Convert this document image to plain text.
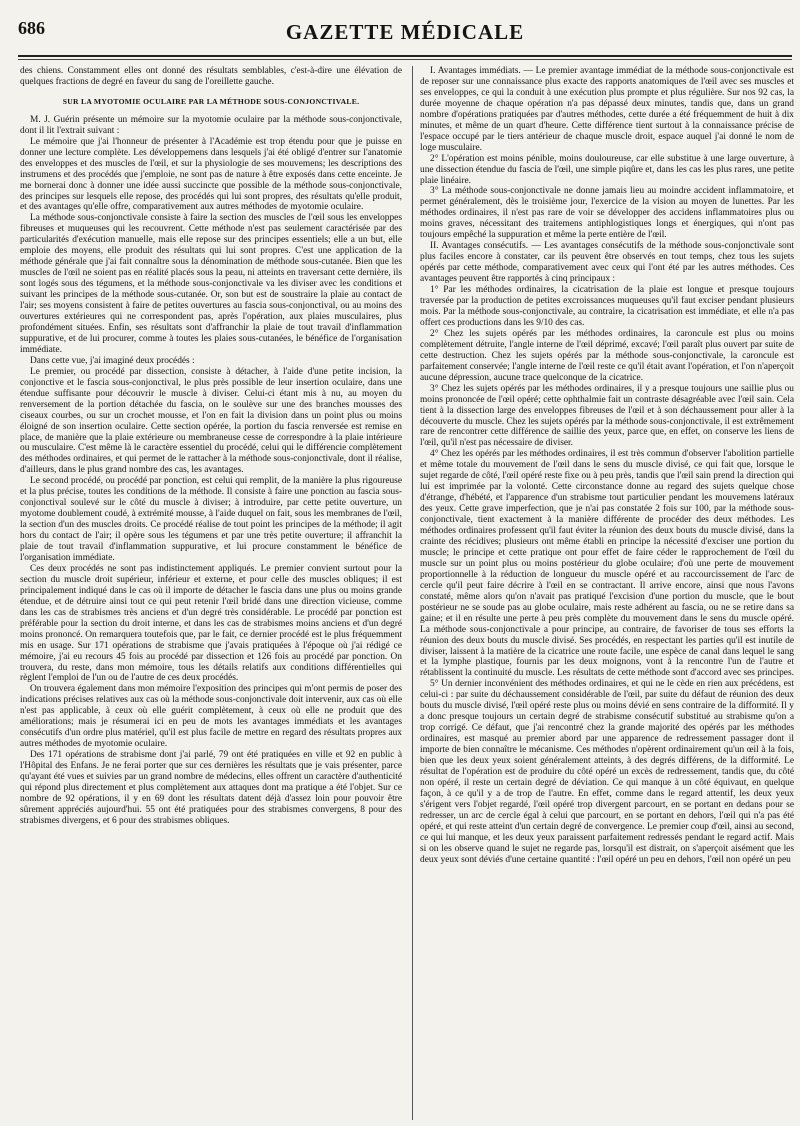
686	GAZETTE MÉDICALE

des chiens. Constamment elles ont donné des résultats semblables, c'est-à-dire une élévation de quelques fractions de degré en faveur du sang de l'oreillette gauche.

SUR LA MYOTOMIE OCULAIRE PAR LA MÉTHODE SOUS-CONJONCTIVALE.

M. J. Guérin présente un mémoire sur la myotomie oculaire par la méthode sous-conjonctivale, dont il lit l'extrait suivant :

Le mémoire que j'ai l'honneur de présenter à l'Académie est trop étendu pour que je puisse en donner une lecture complète. Les développemens dans lesquels j'ai été obligé d'entrer sur l'anatomie des enveloppes et des muscles de l'œil, et sur la physiologie de ses mouvemens; les descriptions des instrumens et des procédés que j'emploie, ne sont pas de nature à être exposés dans cette enceinte. Je me bornerai donc à donner une idée aussi succincte que possible de la méthode sous-conjonctivale, des principes sur lesquels elle repose, des procédés qui lui sont propres, des résultats qu'elle produit, et des avantages qu'elle offre, comparativement aux autres méthodes de myotomie oculaire.

La méthode sous-conjonctivale consiste à faire la section des muscles de l'œil sous les enveloppes fibreuses et muqueuses qui les recouvrent. Cette méthode n'est pas seulement caractérisée par des particularités d'exécution manuelle, mais elle repose sur des principes essentiels; elle a un but, elle emploie des moyens, elle produit des résultats qui lui sont propres. C'est une application de la méthode générale que j'ai fait connaître sous la dénomination de méthode sous-cutanée. Bien que les muscles de l'œil ne soient pas en réalité placés sous la peau, ni atteints en traversant cette dernière, ils sont logés sous des tégumens, et la méthode sous-conjonctivale va les diviser avec les conditions et suivant les principes de la méthode sous-cutanée. Or, son but est de soustraire la plaie au contact de l'air; ses moyens consistent à faire de petites ouvertures au fascia sous-conjonctival, ou au moins des ouvertures extérieures qui ne correspondent pas, après l'opération, aux plaies musculaires, plus profondément situées. Enfin, ses résultats sont d'affranchir la plaie de tout travail d'inflammation suppurative, et de lui procurer, comme à toutes les plaies sous-cutanées, le bénéfice de l'organisation immédiate.

Dans cette vue, j'ai imaginé deux procédés :

Le premier, ou procédé par dissection, consiste à détacher, à l'aide d'une petite incision, la conjonctive et le fascia sous-conjonctival, le plus près possible de leur insertion oculaire, dans une étendue suffisante pour découvrir le muscle à diviser. Celui-ci étant mis à nu, au moyen du renversement de la portion détachée du fascia, on le soulève sur une des branches mousses des ciseaux courbes, ou sur un crochet mousse, et l'on en fait la division dans un point plus ou moins éloigné de son insertion oculaire. Cette section opérée, la portion du fascia renversée est remise en place, de manière que la plaie extérieure ou membraneuse cesse de correspondre à la plaie intérieure ou musculaire. C'est même là le caractère essentiel du procédé, celui qui le différencie complètement des méthodes ordinaires, et qui permet de le rattacher à la méthode sous-conjonctivale, dont il réalise, d'ailleurs, dans le plus grand nombre des cas, les avantages.

Le second procédé, ou procédé par ponction, est celui qui remplit, de la manière la plus rigoureuse et la plus précise, toutes les conditions de la méthode. Il consiste à faire une ponction au fascia sous-conjonctival soulevé sur le côté du muscle à diviser; à introduire, par cette petite ouverture, un myotome doublement coudé, à extrémité mousse, à l'aide duquel on fait, sous les membranes de l'œil, la section d'un des muscles droits. Ce procédé réalise de tout point les principes de la méthode; il agit hors du contact de l'air; il opère sous les tégumens et par une très petite ouverture; il affranchit la plaie de tout travail d'inflammation suppurative, et lui procure constamment le bénéfice de l'organisation immédiate.

Ces deux procédés ne sont pas indistinctement appliqués. Le premier convient surtout pour la section du muscle droit supérieur, inférieur et externe, et pour celle des muscles obliques; il est principalement indiqué dans le cas où il importe de détacher le fascia dans une plus ou moins grande étendue, et de détruire ainsi tout ce qui peut retenir l'œil bridé dans une direction vicieuse, comme dans les cas de strabismes très anciens et d'un degré très considérable. Le procédé par ponction est préférable pour la section du droit interne, et dans les cas de strabismes moins anciens et d'un degré moins prononcé. On remarquera toutefois que, par le fait, ce dernier procédé est le plus fréquemment mis en usage. Sur 171 opérations de strabisme que j'avais pratiquées à l'époque où j'ai rédigé ce mémoire, j'ai eu recours 45 fois au procédé par dissection et 126 fois au procédé par ponction. On trouvera, du reste, dans mon mémoire, tous les détails relatifs aux conditions différentielles qui règlent l'emploi de l'un ou de l'autre de ces deux procédés.

On trouvera également dans mon mémoire l'exposition des principes qui m'ont permis de poser des indications précises relatives aux cas où la méthode sous-conjonctivale doit intervenir, aux cas où elle n'est pas applicable, à ceux où elle guérit complètement, à ceux où elle ne produit que des améliorations; mais je résumerai ici en peu de mots les avantages immédiats et les avantages consécutifs d'un ordre plus matériel, qu'il est plus facile de mettre en regard des résultats propres aux autres méthodes de myotomie oculaire.

Des 171 opérations de strabisme dont j'ai parlé, 79 ont été pratiquées en ville et 92 en public à l'Hôpital des Enfans. Je ne ferai porter que sur ces dernières les résultats que je vais présenter, parce qu'ayant été vues et suivies par un grand nombre de médecins, elles offrent un caractère d'authenticité qui répond plus directement et plus complètement aux attaques dont ma pratique a été l'objet. Sur ce nombre de 92 opérations, il y en 69 dont les résultats datent déjà d'assez loin pour pouvoir être sûrement appréciés aujourd'hui. 55 ont été pratiquées pour des strabismes convergens, 8 pour des strabismes divergens, et 6 pour des strabismes obliques.

I. Avantages immédiats. — Le premier avantage immédiat de la méthode sous-conjonctivale est de reposer sur une connaissance plus exacte des rapports anatomiques de l'œil avec ses muscles et ses enveloppes, ce qui la conduit à une exécution plus prompte et plus régulière. Sur nos 92 cas, la durée moyenne de chaque opération n'a pas dépassé deux minutes, tandis que, dans un grand nombre d'opérations pratiquées par d'autres méthodes, cette durée a été fréquemment de huit à dix minutes, et même de un quart d'heure. Cette différence tient surtout à la connaissance précise de l'espace occupé par le tiers antérieur de chaque muscle droit, espace auquel j'ai donné le nom de loge musculaire.

2° L'opération est moins pénible, moins douloureuse, car elle substitue à une large ouverture, à une dissection étendue du fascia de l'œil, une simple piqûre et, dans les cas les plus rares, une petite plaie linéaire.

3° La méthode sous-conjonctivale ne donne jamais lieu au moindre accident inflammatoire, et permet généralement, dès le troisième jour, l'exercice de la vision au moyen de lunettes. Par les méthodes ordinaires, il n'est pas rare de voir se développer des accidens inflammatoires plus ou moins graves, nécessitant des traitemens antiphlogistiques longs et énergiques, qui n'ont pas toujours empêché la suppuration et même la perte entière de l'œil.

II. Avantages consécutifs. — Les avantages consécutifs de la méthode sous-conjonctivale sont plus faciles encore à constater, car ils peuvent être observés en tout temps, chez tous les sujets opérés par cette méthode, comparativement avec ceux qui l'ont été par les autres méthodes. Ces avantages peuvent être rapportés à cinq principaux :

1° Par les méthodes ordinaires, la cicatrisation de la plaie est longue et presque toujours traversée par la production de petites excroissances muqueuses qu'il faut exciser pendant plusieurs mois. Par la méthode sous-conjonctivale, au contraire, la cicatrisation est immédiate, et elle n'a pas offert ces productions dans les 9/10 des cas.

2° Chez les sujets opérés par les méthodes ordinaires, la caroncule est plus ou moins complètement détruite, l'angle interne de l'œil déprimé, excavé; l'œil paraît plus ouvert par suite de cette destruction. Chez les sujets opérés par la méthode sous-conjonctivale, la caroncule est parfaitement conservée; l'angle interne de l'œil reste ce qu'il était avant l'opération, et l'on n'aperçoit aucune dépression, aucune trace quelconque de la cicatrice.

3° Chez les sujets opérés par les méthodes ordinaires, il y a presque toujours une saillie plus ou moins prononcée de l'œil opéré; cette ophthalmie fait un contraste désagréable avec l'œil sain. Cela tient à la dissection large des enveloppes fibreuses de l'œil et à son déchaussement pour aller à la découverte du muscle. Chez les sujets opérés par la méthode sous-conjonctivale, il est extrêmement rare de rencontrer cette différence de saillie des yeux, parce que, en effet, on conserve les liens de l'œil, qu'il n'est pas nécessaire de diviser.

4° Chez les opérés par les méthodes ordinaires, il est très commun d'observer l'abolition partielle et même totale du mouvement de l'œil dans le sens du muscle divisé, ce qui fait que, lorsque le sujet regarde de côté, l'œil opéré reste fixe ou à peu près, tandis que l'œil sain prend la direction qui lui est imprimée par la volonté. Cette circonstance donne au regard des sujets quelque chose d'étrange, d'hébété, et l'apparence d'un strabisme tout particulier pendant les mouvemens latéraux des yeux. Cette grave imperfection, que je n'ai pas constatée 2 fois sur 100, par la méthode sous-conjonctivale, tient exactement à la manière différente de procéder des deux méthodes. Les méthodes ordinaires professent qu'il faut éviter la réunion des deux bouts du muscle divisé, dans la crainte des récidives; plusieurs ont même établi en principe la nécessité d'exciser une portion du muscle; le principe et cette pratique ont pour effet de faire céder le rapprochement de l'œil du muscle sur un point plus ou moins postérieur du globe oculaire; d'où une perte de mouvement proportionnelle à la réduction de longueur du muscle opéré et au raccourcissement de l'arc de cercle qu'il peut faire décrire à l'œil en se contractant. Il arrive encore, ainsi que nous l'avons constaté, même alors qu'on n'avait pas pratiqué l'excision d'une portion du muscle, que le bout postérieur ne se soude pas au globe oculaire, mais reste adhérent au fascia, ou ne se retire dans sa gaine; et il en résulte une perte à peu près complète du mouvement dans le sens du muscle opéré. La méthode sous-conjonctivale a pour principe, au contraire, de favoriser de tous ses efforts la réunion des deux bouts du muscle divisé. Ses procédés, en respectant les parties qu'il est inutile de diviser, laissent à la matière de la cicatrice une route facile, une espèce de canal dans lequel le sang et la lymphe plastique, fournis par les deux moignons, vont à la rencontre l'un de l'autre et rétablissent la continuité du muscle. Les résultats de cette méthode sont d'accord avec ses principes.

5° Un dernier inconvénient des méthodes ordinaires, et qui ne le cède en rien aux précédens, est celui-ci : par suite du déchaussement considérable de l'œil, par suite du défaut de réunion des deux bouts du muscle divisé, l'œil opéré reste plus ou moins dévié en sens contraire de la difformité. Il y a donc presque toujours un certain degré de strabisme consécutif substitué au strabisme qu'on a trop corrigé. Ce défaut, que j'ai rencontré chez la grande majorité des opérés par les méthodes ordinaires, est masqué au premier abord par une apparence de redressement passager dont il importe de bien connaître le mécanisme. Ces méthodes n'opèrent ordinairement qu'un œil à la fois, bien que les deux yeux soient généralement atteints, à des degrés différens, de la difformité. Le résultat de l'opération est de produire du côté opéré un excès de redressement, tandis que, du côté non opéré, il reste un certain degré de déviation. Ce qui manque à un côté équivaut, en quelque façon, à ce qu'il y a de trop de l'autre. En effet, comme dans le regard attentif, les deux yeux s'érigent vers l'objet regardé, l'œil opéré trop divergent parcourt, en se portant en dedans pour se redresser, un arc de cercle égal à celui que parcourt, en se portant en dehors, l'œil qui n'a pas été opéré, et qui reste atteint d'un certain degré de convergence. Le premier coup d'œil, ainsi au second, ce qui lui manque, et les deux yeux paraissent parfaitement redressés pendant le regard actif. Mais si on les observe quand le sujet ne regarde pas, lorsqu'il est distrait, on s'aperçoit aisément que les deux yeux sont déviés d'une certaine quantité : l'œil opéré un peu en dehors, l'œil non opéré un peu
